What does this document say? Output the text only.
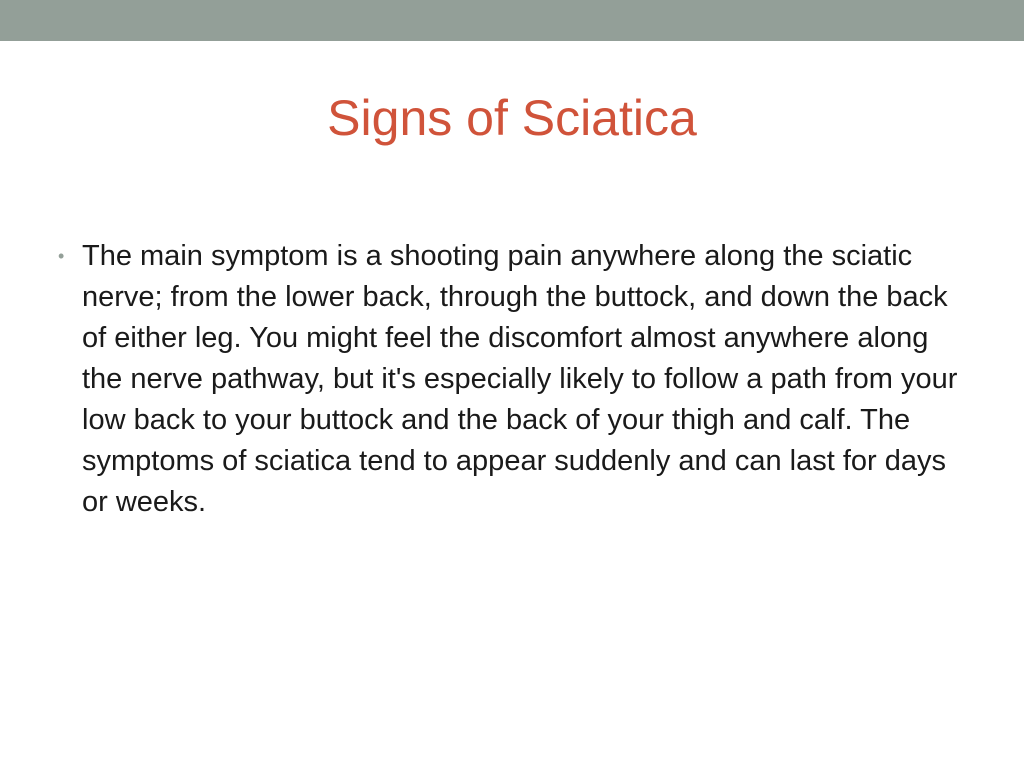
Signs of Sciatica
• The main symptom is a shooting pain anywhere along the sciatic nerve; from the lower back, through the buttock, and down the back of either leg. You might feel the discomfort almost anywhere along the nerve pathway, but it's especially likely to follow a path from your low back to your buttock and the back of your thigh and calf. The symptoms of sciatica tend to appear suddenly and can last for days or weeks.
